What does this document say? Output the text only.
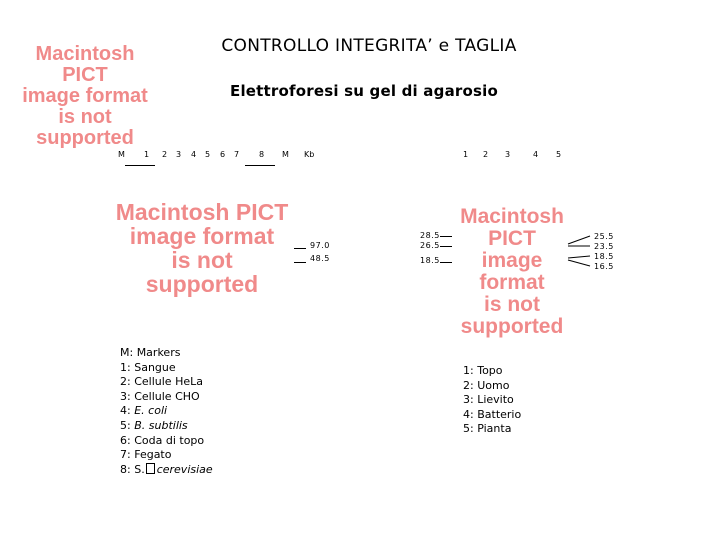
CONTROLLO INTEGRITA’ e TAGLIA
Elettroforesi su gel di agarosio
Macintosh PICT
image format
is not supported
Macintosh PICT
image format
is not supported
Macintosh PICT
image format
is not supported
M 1 2 3 4 5 6 7 8 M Kb
97.0
48.5
1 2 3	4 5
28.5
26.5
18.5
25.5
23.5
18.5
16.5
M: Markers
1: Sangue
2: Cellule HeLa
3: Cellule CHO
4: E. coli
5: B. subtilis
6: Coda di topo
7: Fegato
8: S. cerevisiae
1: Topo
2: Uomo
3: Lievito
4: Batterio
5: Pianta
